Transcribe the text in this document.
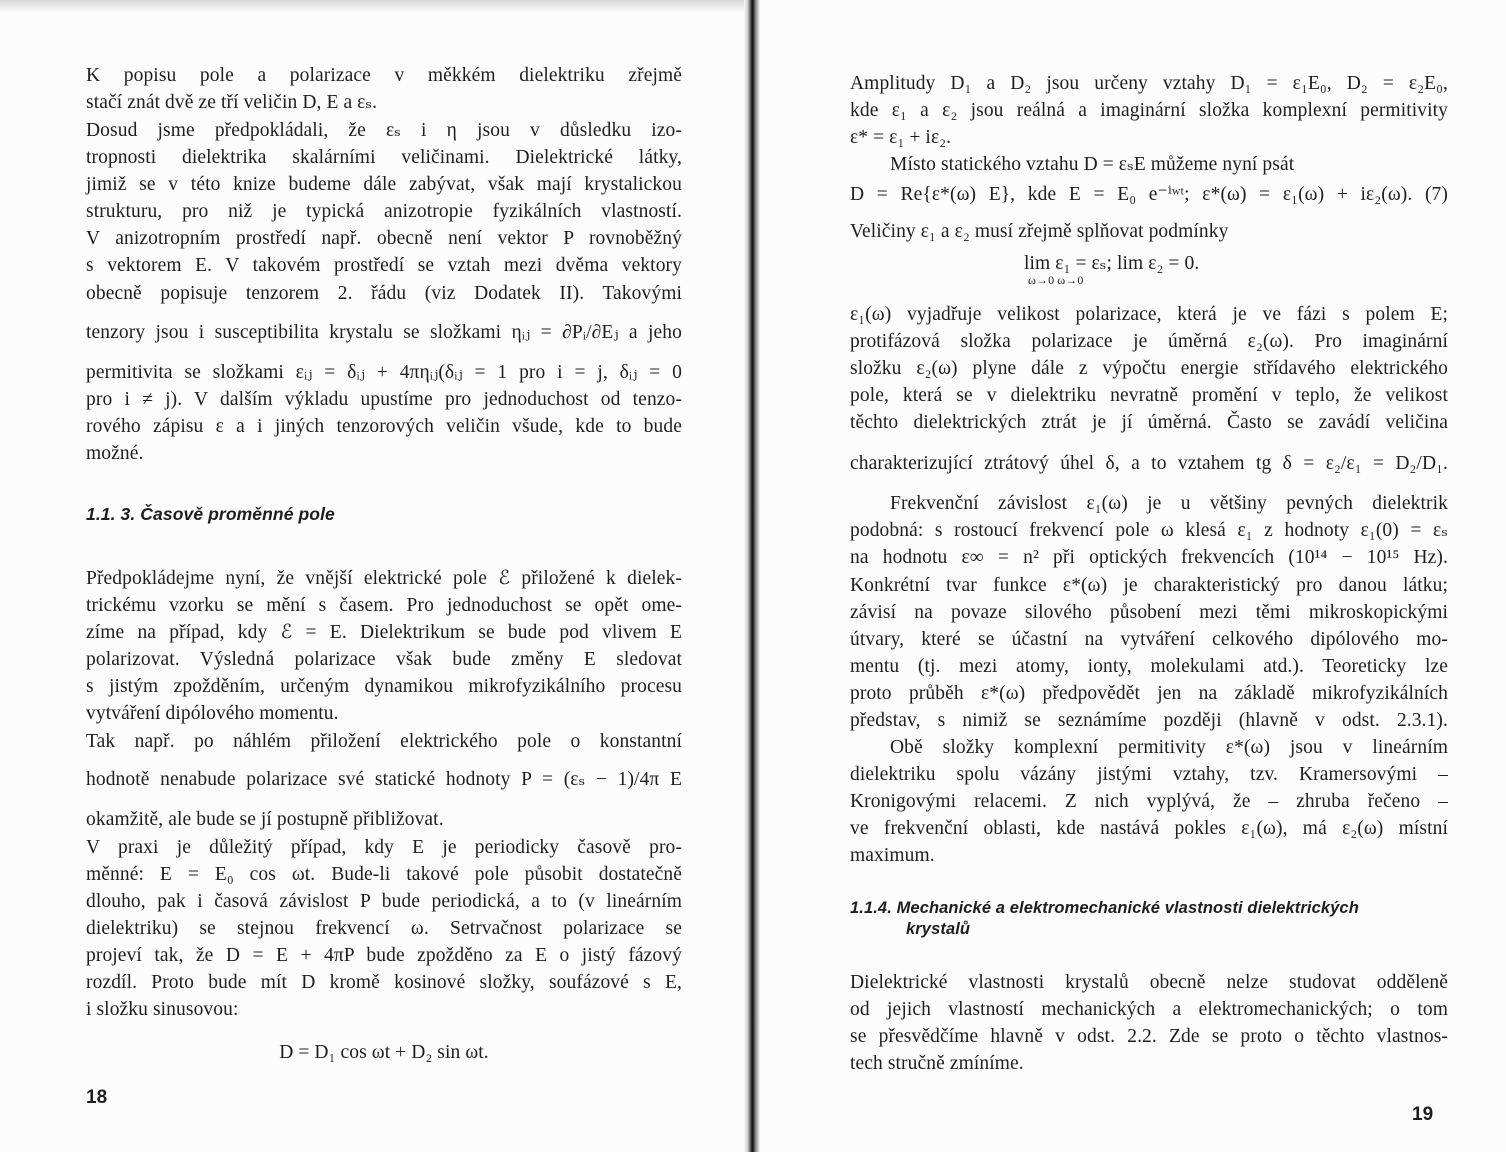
K popisu pole a polarizace v měkkém dielektriku zřejmě

stačí znát dvě ze tří veličin D, E a εₛ.

Dosud jsme předpokládali, že εₛ i η jsou v důsledku izo-

tropnosti dielektrika skalárními veličinami. Dielektrické látky,

jimiž se v této knize budeme dále zabývat, však mají krystalickou

strukturu, pro niž je typická anizotropie fyzikálních vlastností.

V anizotropním prostředí např. obecně není vektor P rovnoběžný

s vektorem E. V takovém prostředí se vztah mezi dvěma vektory

obecně popisuje tenzorem 2. řádu (viz Dodatek II). Takovými

tenzory jsou i susceptibilita krystalu se složkami ηᵢⱼ = ∂Pᵢ/∂Eⱼ a jeho

permitivita se složkami εᵢⱼ = δᵢⱼ + 4πηᵢⱼ(δᵢⱼ = 1 pro i = j, δᵢⱼ = 0

pro i ≠ j). V dalším výkladu upustíme pro jednoduchost od tenzo-

rového zápisu ε a i jiných tenzorových veličin všude, kde to bude

možné.

1.1. 3. Časově proměnné pole

Předpokládejme nyní, že vnější elektrické pole ℰ přiložené k dielek-

trickému vzorku se mění s časem. Pro jednoduchost se opět ome-

zíme na případ, kdy ℰ = E. Dielektrikum se bude pod vlivem E

polarizovat. Výsledná polarizace však bude změny E sledovat

s jistým zpožděním, určeným dynamikou mikrofyzikálního procesu

vytváření dipólového momentu.

Tak např. po náhlém přiložení elektrického pole o konstantní

hodnotě nenabude polarizace své statické hodnoty P = (εₛ − 1)/4π E

okamžitě, ale bude se jí postupně přibližovat.

V praxi je důležitý případ, kdy E je periodicky časově pro-

měnné: E = E₀ cos ωt. Bude-li takové pole působit dostatečně

dlouho, pak i časová závislost P bude periodická, a to (v lineárním

dielektriku) se stejnou frekvencí ω. Setrvačnost polarizace se

projeví tak, že D = E + 4πP bude zpožděno za E o jistý fázový

rozdíl. Proto bude mít D kromě kosinové složky, soufázové s E,

i složku sinusovou:

D = D₁ cos ωt + D₂ sin ωt.

18

Amplitudy D₁ a D₂ jsou určeny vztahy D₁ = ε₁E₀, D₂ = ε₂E₀,

kde ε₁ a ε₂ jsou reálná a imaginární složka komplexní permitivity

ε* = ε₁ + iε₂.

Místo statického vztahu D = εₛE můžeme nyní psát

D = Re{ε*(ω) E}, kde E = E₀ e⁻ⁱʷᵗ; ε*(ω) = ε₁(ω) + iε₂(ω). (7)

Veličiny ε₁ a ε₂ musí zřejmě splňovat podmínky

lim ε₁ = εₛ; lim ε₂ = 0.

ω→0 ω→0

ε₁(ω) vyjadřuje velikost polarizace, která je ve fázi s polem E;

protifázová složka polarizace je úměrná ε₂(ω). Pro imaginární

složku ε₂(ω) plyne dále z výpočtu energie střídavého elektrického

pole, která se v dielektriku nevratně promění v teplo, že velikost

těchto dielektrických ztrát je jí úměrná. Často se zavádí veličina

charakterizující ztrátový úhel δ, a to vztahem tg δ = ε₂/ε₁ = D₂/D₁.

Frekvenční závislost ε₁(ω) je u většiny pevných dielektrik

podobná: s rostoucí frekvencí pole ω klesá ε₁ z hodnoty ε₁(0) = εₛ

na hodnotu ε∞ = n² při optických frekvencích (10¹⁴ − 10¹⁵ Hz).

Konkrétní tvar funkce ε*(ω) je charakteristický pro danou látku;

závisí na povaze silového působení mezi těmi mikroskopickými

útvary, které se účastní na vytváření celkového dipólového mo-

mentu (tj. mezi atomy, ionty, molekulami atd.). Teoreticky lze

proto průběh ε*(ω) předpovědět jen na základě mikrofyzikálních

představ, s nimiž se seznámíme později (hlavně v odst. 2.3.1).

Obě složky komplexní permitivity ε*(ω) jsou v lineárním

dielektriku spolu vázány jistými vztahy, tzv. Kramersovými –

Kronigovými relacemi. Z nich vyplývá, že – zhruba řečeno –

ve frekvenční oblasti, kde nastává pokles ε₁(ω), má ε₂(ω) místní

maximum.

1.1.4. Mechanické a elektromechanické vlastnosti dielektrických

krystalů

Dielektrické vlastnosti krystalů obecně nelze studovat odděleně

od jejich vlastností mechanických a elektromechanických; o tom

se přesvědčíme hlavně v odst. 2.2. Zde se proto o těchto vlastnos-

tech stručně zmíníme.

19
